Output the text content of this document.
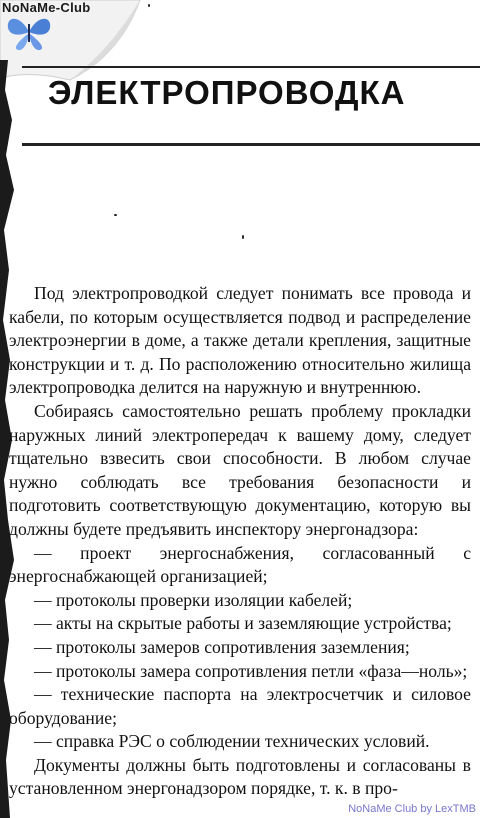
NoNaMe-Club
ЭЛЕКТРОПРОВОДКА

Под электропроводкой следует понимать все провода и кабели, по которым осуществляется подвод и распределение электроэнергии в доме, а также детали крепления, защитные конструкции и т. д. По расположению относительно жилища электропроводка делится на наружную и внутреннюю.

Собираясь самостоятельно решать проблему прокладки наружных линий электропередач к вашему дому, следует тщательно взвесить свои способности. В любом случае нужно соблюдать все требования безопасности и подготовить соответствующую документацию, которую вы должны будете предъявить инспектору энергонадзора:

— проект энергоснабжения, согласованный с энергоснабжающей организацией;
— протоколы проверки изоляции кабелей;
— акты на скрытые работы и заземляющие устройства;
— протоколы замеров сопротивления заземления;
— протоколы замера сопротивления петли «фаза—ноль»;
— технические паспорта на электросчетчик и силовое оборудование;
— справка РЭС о соблюдении технических условий.

Документы должны быть подготовлены и согласованы в установленном энергонадзором порядке, т. к. в про-

NoNaMe Club by LexTMB
